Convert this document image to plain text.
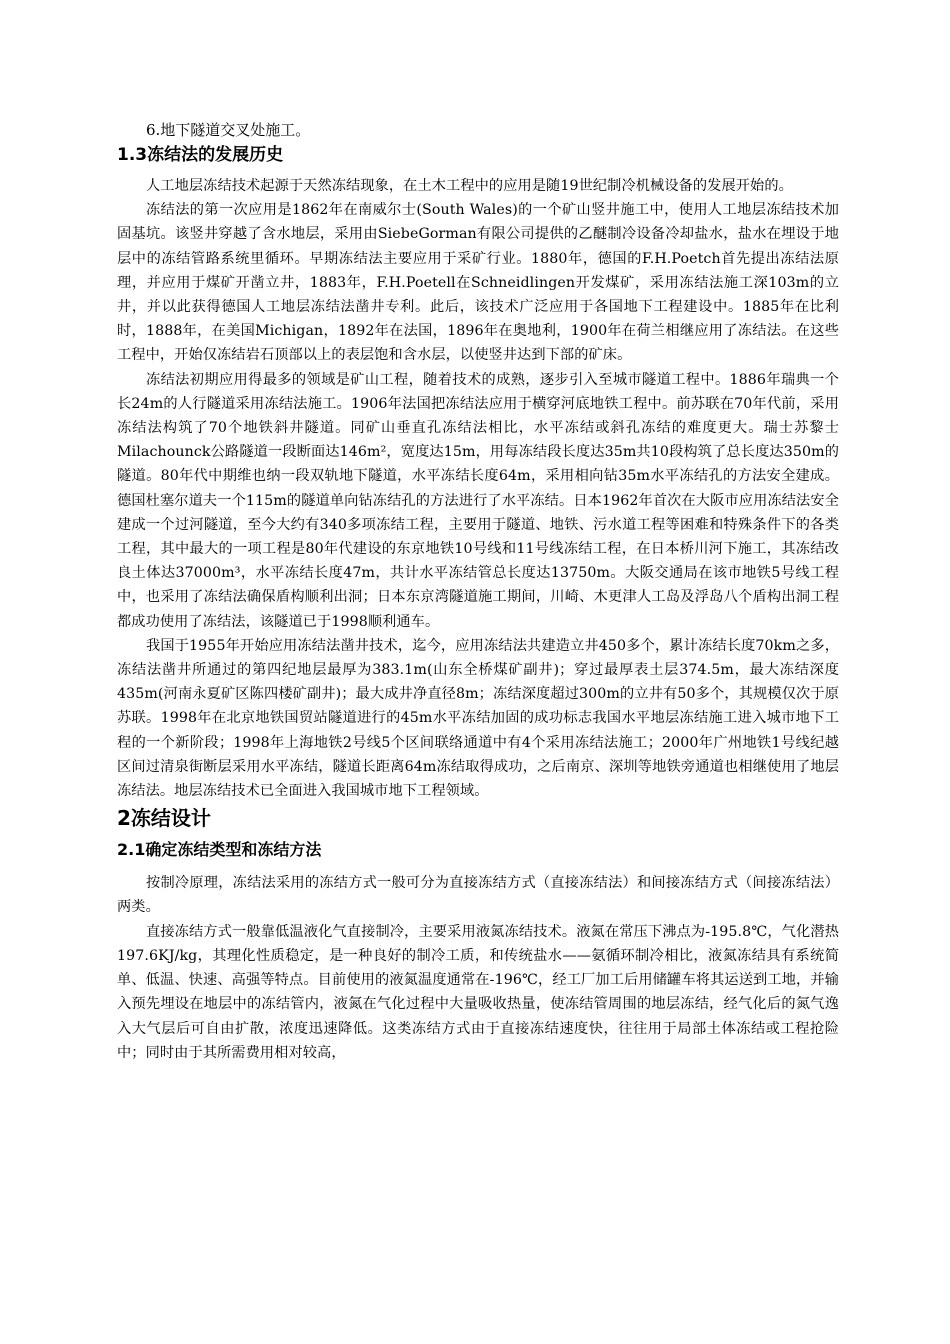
6.地下隧道交叉处施工。

1.3冻结法的发展历史

人工地层冻结技术起源于天然冻结现象，在土木工程中的应用是随19世纪制冷机械设备的发展开始的。

冻结法的第一次应用是1862年在南威尔士(South Wales)的一个矿山竖井施工中，使用人工地层冻结技术加固基坑。该竖井穿越了含水地层，采用由SiebeGorman有限公司提供的乙醚制冷设备冷却盐水，盐水在埋设于地层中的冻结管路系统里循环。早期冻结法主要应用于采矿行业。1880年，德国的F.H.Poetch首先提出冻结法原理，并应用于煤矿开凿立井，1883年，F.H.Poetell在Schneidlingen开发煤矿，采用冻结法施工深103m的立井，并以此获得德国人工地层冻结法凿井专利。此后，该技术广泛应用于各国地下工程建设中。1885年在比利时，1888年，在美国Michigan，1892年在法国，1896年在奥地利，1900年在荷兰相继应用了冻结法。在这些工程中，开始仅冻结岩石顶部以上的表层饱和含水层，以使竖井达到下部的矿床。

冻结法初期应用得最多的领域是矿山工程，随着技术的成熟，逐步引入至城市隧道工程中。1886年瑞典一个长24m的人行隧道采用冻结法施工。1906年法国把冻结法应用于横穿河底地铁工程中。前苏联在70年代前，采用冻结法构筑了70个地铁斜井隧道。同矿山垂直孔冻结法相比，水平冻结或斜孔冻结的难度更大。瑞士苏黎士Milachounck公路隧道一段断面达146m²，宽度达15m，用每冻结段长度达35m共10段构筑了总长度达350m的隧道。80年代中期维也纳一段双轨地下隧道，水平冻结长度64m，采用相向钻35m水平冻结孔的方法安全建成。德国杜塞尔道夫一个115m的隧道单向钻冻结孔的方法进行了水平冻结。日本1962年首次在大阪市应用冻结法安全建成一个过河隧道，至今大约有340多项冻结工程，主要用于隧道、地铁、污水道工程等困难和特殊条件下的各类工程，其中最大的一项工程是80年代建设的东京地铁10号线和11号线冻结工程，在日本桥川河下施工，其冻结改良土体达37000m³，水平冻结长度47m，共计水平冻结管总长度达13750m。大阪交通局在该市地铁5号线工程中，也采用了冻结法确保盾构顺利出洞；日本东京湾隧道施工期间，川崎、木更津人工岛及浮岛八个盾构出洞工程都成功使用了冻结法，该隧道已于1998顺利通车。

我国于1955年开始应用冻结法凿井技术，迄今，应用冻结法共建造立井450多个，累计冻结长度70km之多，冻结法凿井所通过的第四纪地层最厚为383.1m(山东全桥煤矿副井)；穿过最厚表土层374.5m，最大冻结深度435m(河南永夏矿区陈四楼矿副井)；最大成井净直径8m；冻结深度超过300m的立井有50多个，其规模仅次于原苏联。1998年在北京地铁国贸站隧道进行的45m水平冻结加固的成功标志我国水平地层冻结施工进入城市地下工程的一个新阶段；1998年上海地铁2号线5个区间联络通道中有4个采用冻结法施工；2000年广州地铁1号线纪越区间过清泉街断层采用水平冻结，隧道长距离64m冻结取得成功，之后南京、深圳等地铁旁通道也相继使用了地层冻结法。地层冻结技术已全面进入我国城市地下工程领域。

2冻结设计
2.1确定冻结类型和冻结方法

按制冷原理，冻结法采用的冻结方式一般可分为直接冻结方式（直接冻结法）和间接冻结方式（间接冻结法）两类。

直接冻结方式一般靠低温液化气直接制冷，主要采用液氮冻结技术。液氮在常压下沸点为-195.8℃，气化潜热197.6KJ/kg，其理化性质稳定，是一种良好的制冷工质，和传统盐水——氨循环制冷相比，液氮冻结具有系统简单、低温、快速、高强等特点。目前使用的液氮温度通常在-196℃，经工厂加工后用储罐车将其运送到工地，并输入预先埋设在地层中的冻结管内，液氮在气化过程中大量吸收热量，使冻结管周围的地层冻结，经气化后的氮气逸入大气层后可自由扩散，浓度迅速降低。这类冻结方式由于直接冻结速度快，往往用于局部土体冻结或工程抢险中；同时由于其所需费用相对较高，
